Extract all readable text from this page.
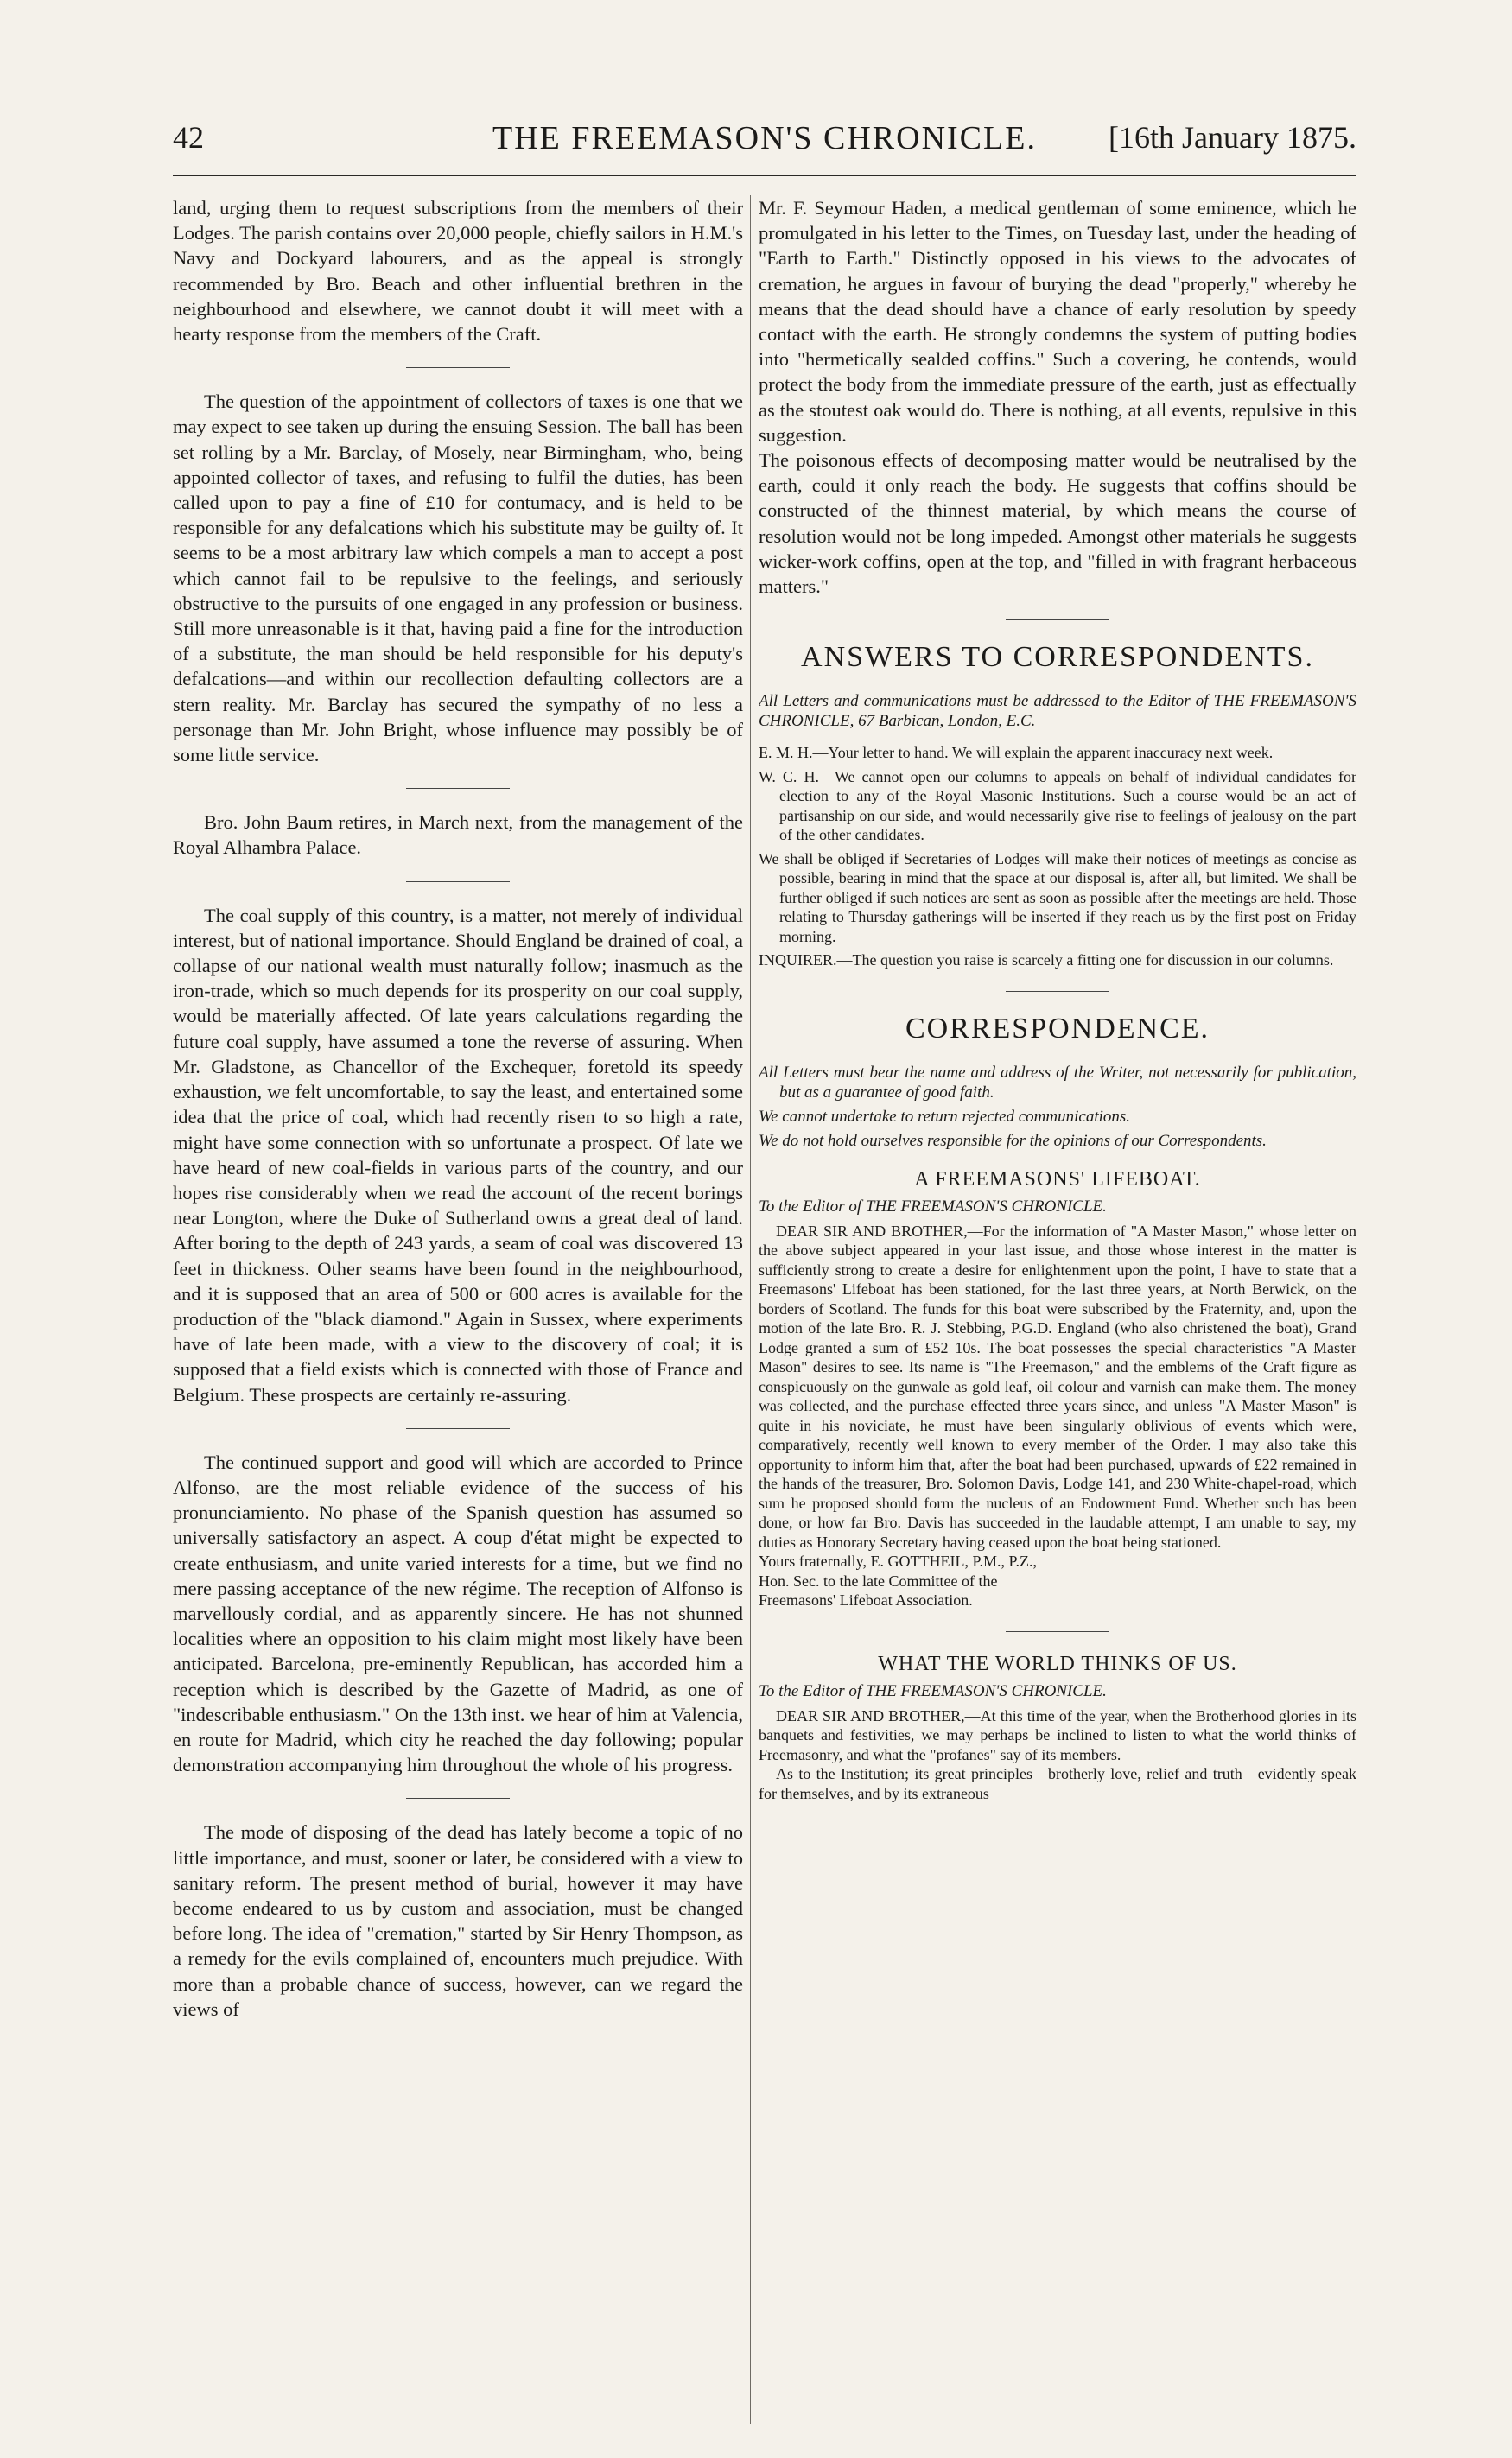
42	THE FREEMASON'S CHRONICLE. [16th January 1875.

land, urging them to request subscriptions from the members of their Lodges. The parish contains over 20,000 people, chiefly sailors in H.M.'s Navy and Dockyard labourers, and as the appeal is strongly recommended by Bro. Beach and other influential brethren in the neighbourhood and elsewhere, we cannot doubt it will meet with a hearty response from the members of the Craft.

The question of the appointment of collectors of taxes is one that we may expect to see taken up during the ensuing Session. The ball has been set rolling by a Mr. Barclay, of Mosely, near Birmingham, who, being appointed collector of taxes, and refusing to fulfil the duties, has been called upon to pay a fine of £10 for contumacy, and is held to be responsible for any defalcations which his substitute may be guilty of. It seems to be a most arbitrary law which compels a man to accept a post which cannot fail to be repulsive to the feelings, and seriously obstructive to the pursuits of one engaged in any profession or business. Still more unreasonable is it that, having paid a fine for the introduction of a substitute, the man should be held responsible for his deputy's defalcations—and within our recollection defaulting collectors are a stern reality. Mr. Barclay has secured the sympathy of no less a personage than Mr. John Bright, whose influence may possibly be of some little service.

Bro. John Baum retires, in March next, from the management of the Royal Alhambra Palace.

The coal supply of this country, is a matter, not merely of individual interest, but of national importance. Should England be drained of coal, a collapse of our national wealth must naturally follow; inasmuch as the iron-trade, which so much depends for its prosperity on our coal supply, would be materially affected. Of late years calculations regarding the future coal supply, have assumed a tone the reverse of assuring. When Mr. Gladstone, as Chancellor of the Exchequer, foretold its speedy exhaustion, we felt uncomfortable, to say the least, and entertained some idea that the price of coal, which had recently risen to so high a rate, might have some connection with so unfortunate a prospect. Of late we have heard of new coal-fields in various parts of the country, and our hopes rise considerably when we read the account of the recent borings near Longton, where the Duke of Sutherland owns a great deal of land. After boring to the depth of 243 yards, a seam of coal was discovered 13 feet in thickness. Other seams have been found in the neighbourhood, and it is supposed that an area of 500 or 600 acres is available for the production of the "black diamond." Again in Sussex, where experiments have of late been made, with a view to the discovery of coal; it is supposed that a field exists which is connected with those of France and Belgium. These prospects are certainly re-assuring.

The continued support and good will which are accorded to Prince Alfonso, are the most reliable evidence of the success of his pronunciamiento. No phase of the Spanish question has assumed so universally satisfactory an aspect. A coup d'état might be expected to create enthusiasm, and unite varied interests for a time, but we find no mere passing acceptance of the new régime. The reception of Alfonso is marvellously cordial, and as apparently sincere. He has not shunned localities where an opposition to his claim might most likely have been anticipated. Barcelona, pre-eminently Republican, has accorded him a reception which is described by the Gazette of Madrid, as one of "indescribable enthusiasm." On the 13th inst. we hear of him at Valencia, en route for Madrid, which city he reached the day following; popular demonstration accompanying him throughout the whole of his progress.

The mode of disposing of the dead has lately become a topic of no little importance, and must, sooner or later, be considered with a view to sanitary reform. The present method of burial, however it may have become endeared to us by custom and association, must be changed before long. The idea of "cremation," started by Sir Henry Thompson, as a remedy for the evils complained of, encounters much prejudice. With more than a probable chance of success, however, can we regard the views of

Mr. F. Seymour Haden, a medical gentleman of some eminence, which he promulgated in his letter to the Times, on Tuesday last, under the heading of "Earth to Earth." Distinctly opposed in his views to the advocates of cremation, he argues in favour of burying the dead "properly," whereby he means that the dead should have a chance of early resolution by speedy contact with the earth. He strongly condemns the system of putting bodies into "hermetically sealded coffins." Such a covering, he contends, would protect the body from the immediate pressure of the earth, just as effectually as the stoutest oak would do. There is nothing, at all events, repulsive in this suggestion.

The poisonous effects of decomposing matter would be neutralised by the earth, could it only reach the body. He suggests that coffins should be constructed of the thinnest material, by which means the course of resolution would not be long impeded. Amongst other materials he suggests wicker-work coffins, open at the top, and "filled in with fragrant herbaceous matters."

ANSWERS TO CORRESPONDENTS.

All Letters and communications must be addressed to the Editor of THE FREEMASON'S CHRONICLE, 67 Barbican, London, E.C.

E. M. H.—Your letter to hand. We will explain the apparent inaccuracy next week.

W. C. H.—We cannot open our columns to appeals on behalf of individual candidates for election to any of the Royal Masonic Institutions. Such a course would be an act of partisanship on our side, and would necessarily give rise to feelings of jealousy on the part of the other candidates.

We shall be obliged if Secretaries of Lodges will make their notices of meetings as concise as possible, bearing in mind that the space at our disposal is, after all, but limited. We shall be further obliged if such notices are sent as soon as possible after the meetings are held. Those relating to Thursday gatherings will be inserted if they reach us by the first post on Friday morning.

INQUIRER.—The question you raise is scarcely a fitting one for discussion in our columns.

CORRESPONDENCE.

All Letters must bear the name and address of the Writer, not necessarily for publication, but as a guarantee of good faith.

We cannot undertake to return rejected communications.

We do not hold ourselves responsible for the opinions of our Correspondents.

A FREEMASONS' LIFEBOAT.

To the Editor of THE FREEMASON'S CHRONICLE.

DEAR SIR AND BROTHER,—For the information of "A Master Mason," whose letter on the above subject appeared in your last issue, and those whose interest in the matter is sufficiently strong to create a desire for enlightenment upon the point, I have to state that a Freemasons' Lifeboat has been stationed, for the last three years, at North Berwick, on the borders of Scotland. The funds for this boat were subscribed by the Fraternity, and, upon the motion of the late Bro. R. J. Stebbing, P.G.D. England (who also christened the boat), Grand Lodge granted a sum of £52 10s. The boat possesses the special characteristics "A Master Mason" desires to see. Its name is "The Freemason," and the emblems of the Craft figure as conspicuously on the gunwale as gold leaf, oil colour and varnish can make them. The money was collected, and the purchase effected three years since, and unless "A Master Mason" is quite in his noviciate, he must have been singularly oblivious of events which were, comparatively, recently well known to every member of the Order. I may also take this opportunity to inform him that, after the boat had been purchased, upwards of £22 remained in the hands of the treasurer, Bro. Solomon Davis, Lodge 141, and 230 White-chapel-road, which sum he proposed should form the nucleus of an Endowment Fund. Whether such has been done, or how far Bro. Davis has succeeded in the laudable attempt, I am unable to say, my duties as Honorary Secretary having ceased upon the boat being stationed.

Yours fraternally, E. GOTTHEIL, P.M., P.Z.,

Hon. Sec. to the late Committee of the

Freemasons' Lifeboat Association.

WHAT THE WORLD THINKS OF US.

To the Editor of THE FREEMASON'S CHRONICLE.

DEAR SIR AND BROTHER,—At this time of the year, when the Brotherhood glories in its banquets and festivities, we may perhaps be inclined to listen to what the world thinks of Freemasonry, and what the "profanes" say of its members.

As to the Institution; its great principles—brotherly love, relief and truth—evidently speak for themselves, and by its extraneous
